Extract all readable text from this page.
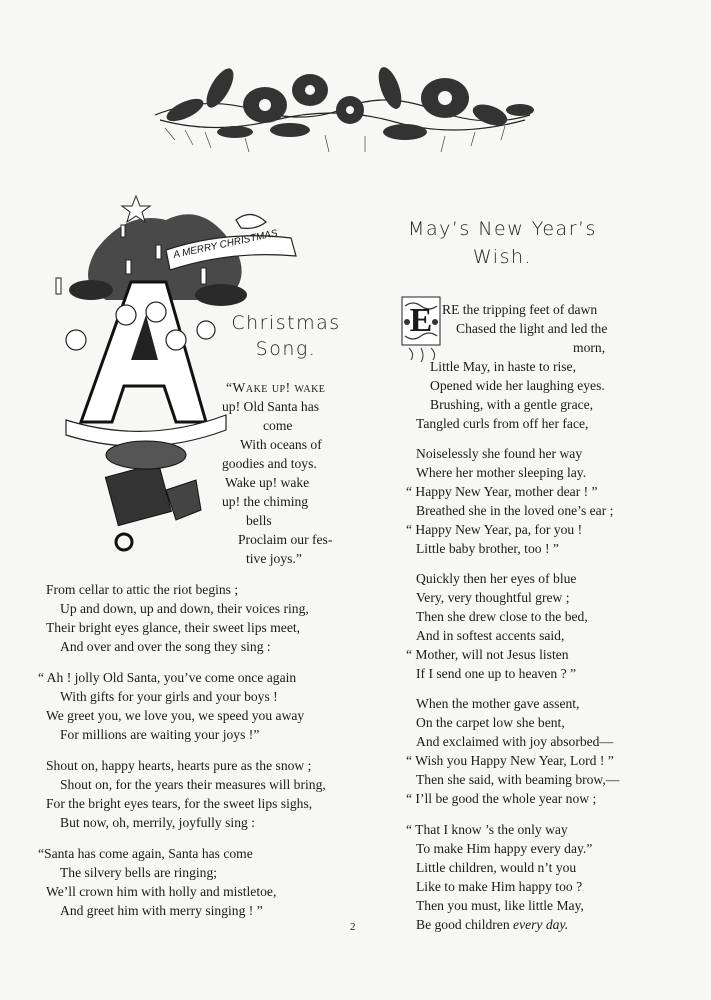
A MERRY CHRISTMAS
Christmas
Song.
“Wake up! wake
up! Old Santa has
come
With oceans of
goodies and toys.
Wake up! wake
up! the chiming
bells
Proclaim our fes-
tive joys.”
From cellar to attic the riot begins ;
Up and down, up and down, their voices ring,
Their bright eyes glance, their sweet lips meet,
And over and over the song they sing :
“ Ah ! jolly Old Santa, you’ve come once again
With gifts for your girls and your boys !
We greet you, we love you, we speed you away
For millions are waiting your joys !”
Shout on, happy hearts, hearts pure as the snow ;
Shout on, for the years their measures will bring,
For the bright eyes tears, for the sweet lips sighs,
But now, oh, merrily, joyfully sing :
“Santa has come again, Santa has come
The silvery bells are ringing;
We’ll crown him with holly and mistletoe,
And greet him with merry singing ! ”
May’s New Year’s
Wish.
E RE the tripping feet of dawn
Chased the light and led the
morn,
Little May, in haste to rise,
Opened wide her laughing eyes.
Brushing, with a gentle grace,
Tangled curls from off her face,
Noiselessly she found her way
Where her mother sleeping lay.
“ Happy New Year, mother dear ! ”
Breathed she in the loved one’s ear ;
“ Happy New Year, pa, for you !
Little baby brother, too ! ”
Quickly then her eyes of blue
Very, very thoughtful grew ;
Then she drew close to the bed,
And in softest accents said,
“ Mother, will not Jesus listen
If I send one up to heaven ? ”
When the mother gave assent,
On the carpet low she bent,
And exclaimed with joy absorbed—
“ Wish you Happy New Year, Lord ! ”
Then she said, with beaming brow,—
“ I’ll be good the whole year now ;
“ That I know ’s the only way
To make Him happy every day.”
Little children, would n’t you
Like to make Him happy too ?
Then you must, like little May,
Be good children every day.
2
